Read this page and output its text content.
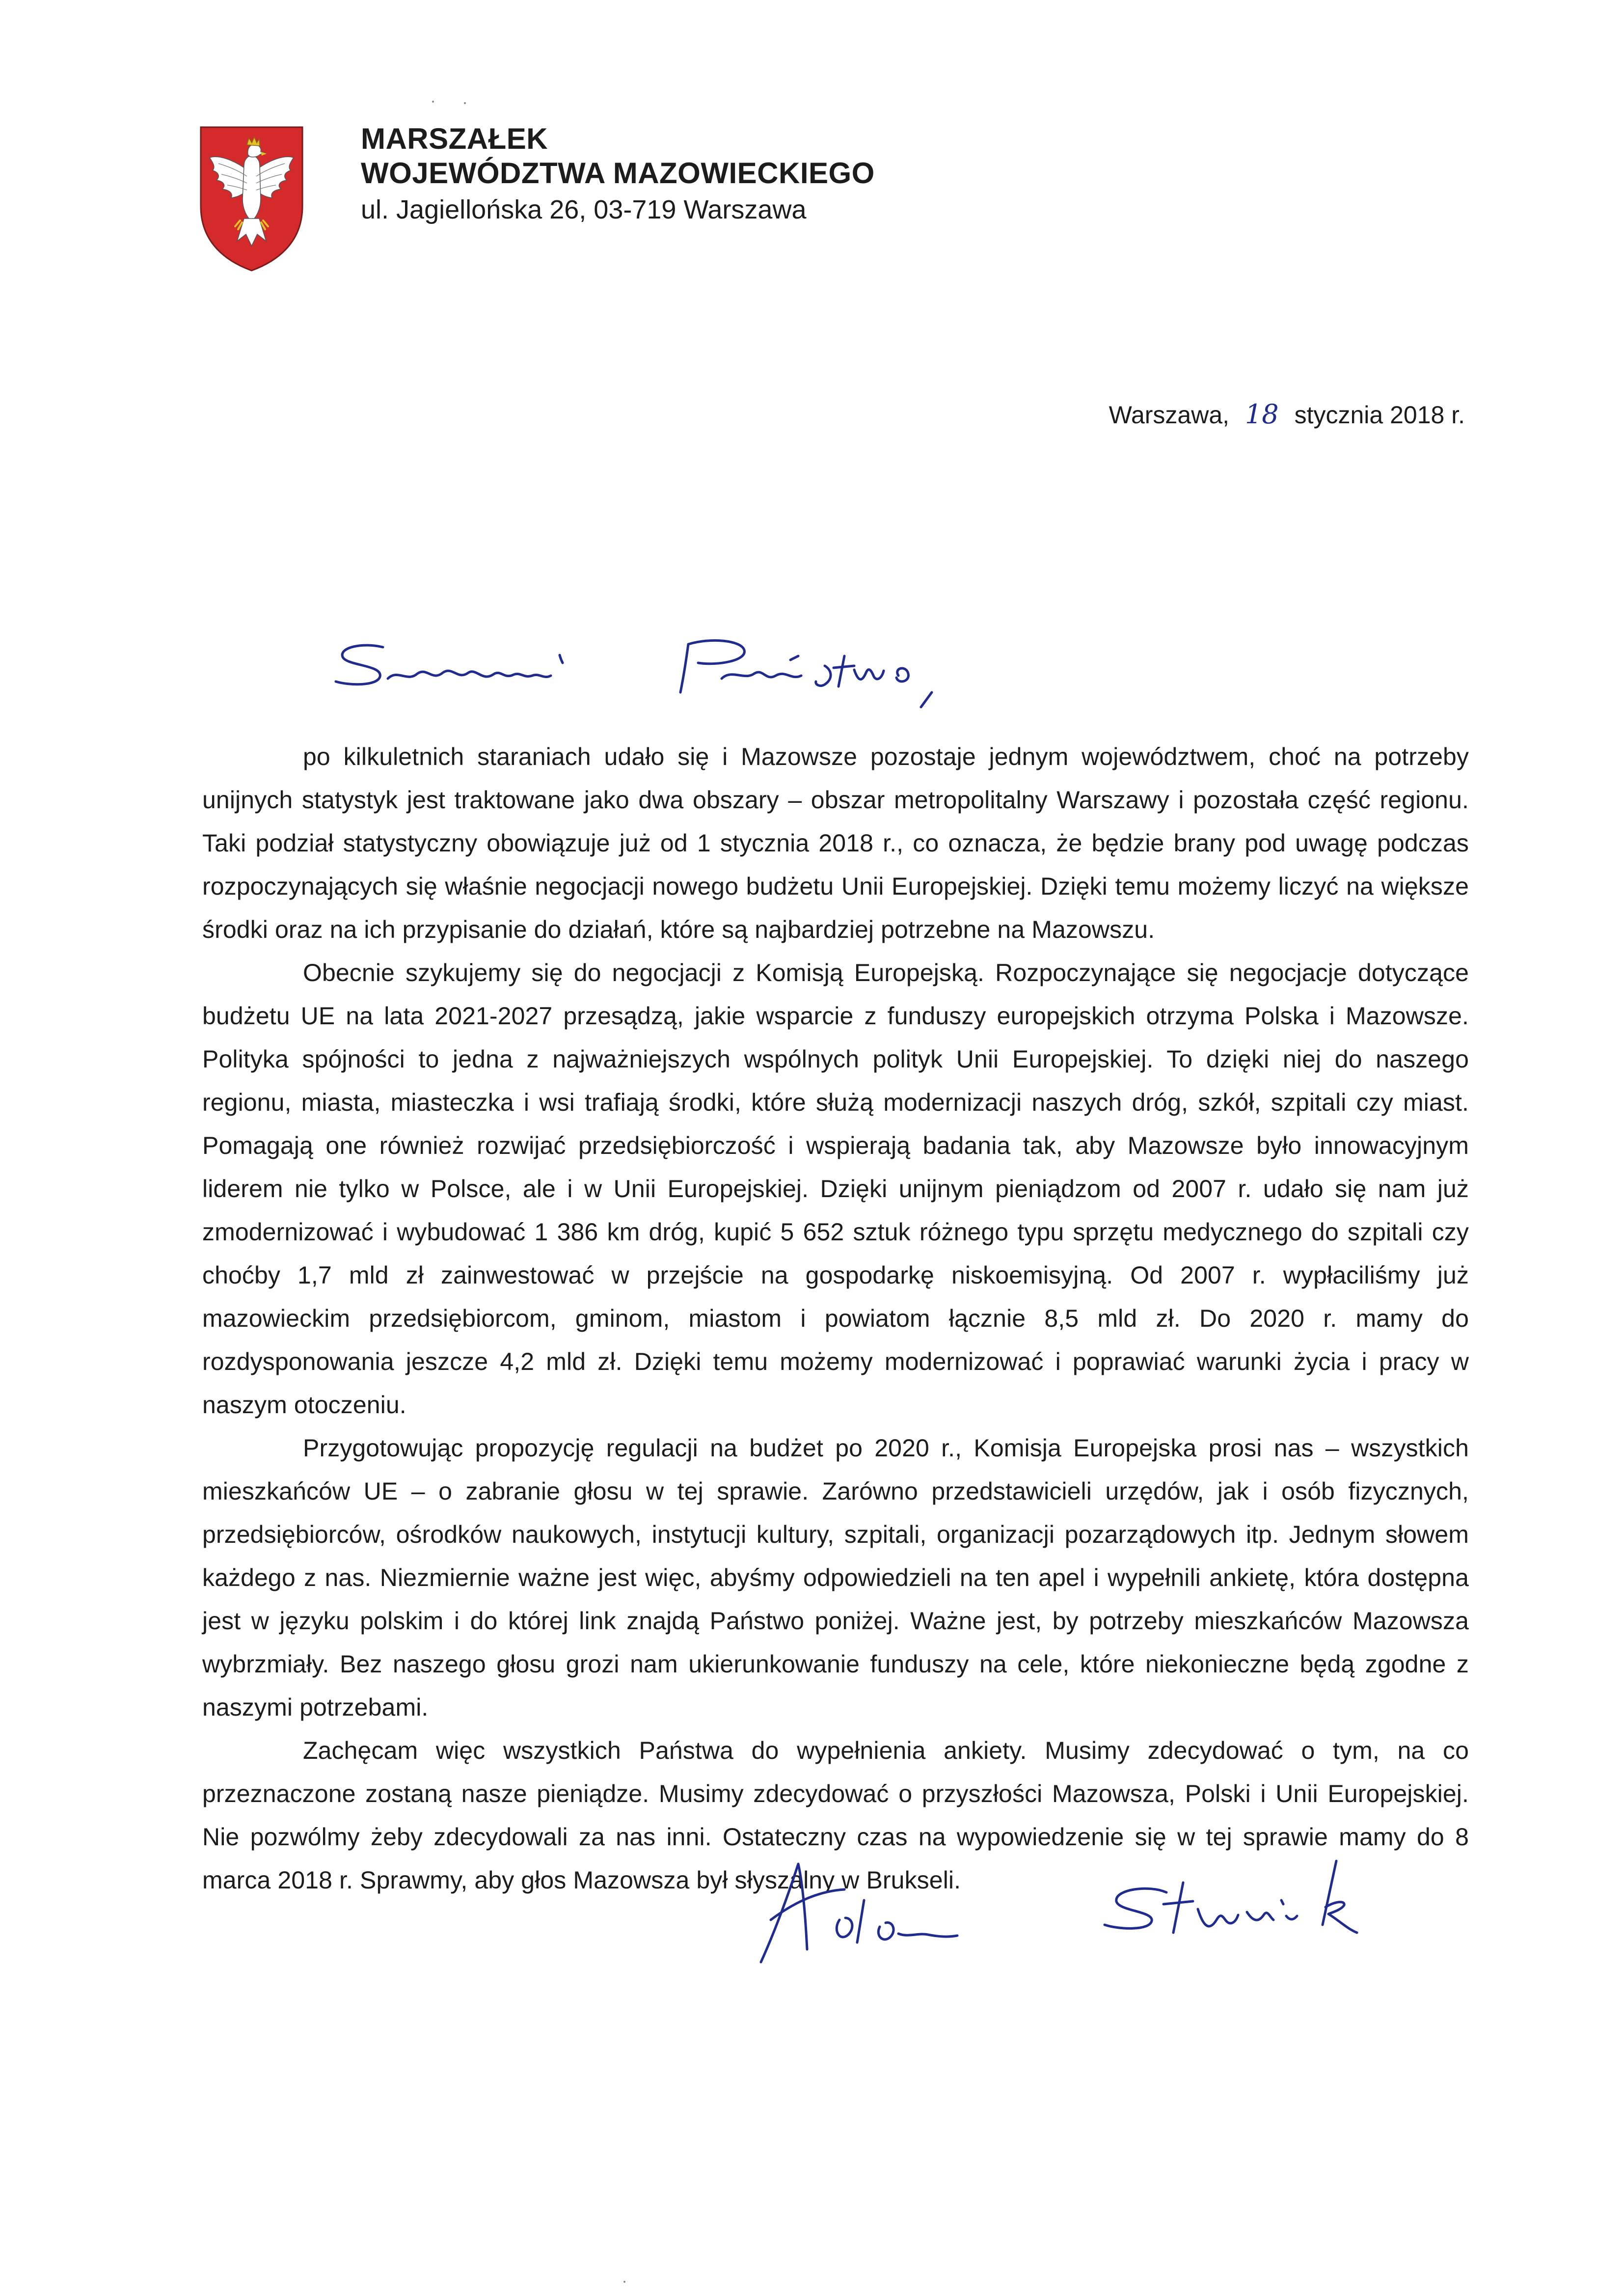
MARSZAŁEK
WOJEWÓDZTWA MAZOWIECKIEGO
ul. Jagiellońska 26, 03-719 Warszawa
Warszawa, 18 stycznia 2018 r.

po kilkuletnich staraniach udało się i Mazowsze pozostaje jednym województwem, choć na potrzeby unijnych statystyk jest traktowane jako dwa obszary – obszar metropolitalny Warszawy i pozostała część regionu. Taki podział statystyczny obowiązuje już od 1 stycznia 2018 r., co oznacza, że będzie brany pod uwagę podczas rozpoczynających się właśnie negocjacji nowego budżetu Unii Europejskiej. Dzięki temu możemy liczyć na większe środki oraz na ich przypisanie do działań, które są najbardziej potrzebne na Mazowszu.

Obecnie szykujemy się do negocjacji z Komisją Europejską. Rozpoczynające się negocjacje dotyczące budżetu UE na lata 2021-2027 przesądzą, jakie wsparcie z funduszy europejskich otrzyma Polska i Mazowsze. Polityka spójności to jedna z najważniejszych wspólnych polityk Unii Europejskiej. To dzięki niej do naszego regionu, miasta, miasteczka i wsi trafiają środki, które służą modernizacji naszych dróg, szkół, szpitali czy miast. Pomagają one również rozwijać przedsiębiorczość i wspierają badania tak, aby Mazowsze było innowacyjnym liderem nie tylko w Polsce, ale i w Unii Europejskiej. Dzięki unijnym pieniądzom od 2007 r. udało się nam już zmodernizować i wybudować 1 386 km dróg, kupić 5 652 sztuk różnego typu sprzętu medycznego do szpitali czy choćby 1,7 mld zł zainwestować w przejście na gospodarkę niskoemisyjną. Od 2007 r. wypłaciliśmy już mazowieckim przedsiębiorcom, gminom, miastom i powiatom łącznie 8,5 mld zł. Do 2020 r. mamy do rozdysponowania jeszcze 4,2 mld zł. Dzięki temu możemy modernizować i poprawiać warunki życia i pracy w naszym otoczeniu.

Przygotowując propozycję regulacji na budżet po 2020 r., Komisja Europejska prosi nas – wszystkich mieszkańców UE – o zabranie głosu w tej sprawie. Zarówno przedstawicieli urzędów, jak i osób fizycznych, przedsiębiorców, ośrodków naukowych, instytucji kultury, szpitali, organizacji pozarządowych itp. Jednym słowem każdego z nas. Niezmiernie ważne jest więc, abyśmy odpowiedzieli na ten apel i wypełnili ankietę, która dostępna jest w języku polskim i do której link znajdą Państwo poniżej. Ważne jest, by potrzeby mieszkańców Mazowsza wybrzmiały. Bez naszego głosu grozi nam ukierunkowanie funduszy na cele, które niekonieczne będą zgodne z naszymi potrzebami.

Zachęcam więc wszystkich Państwa do wypełnienia ankiety. Musimy zdecydować o tym, na co przeznaczone zostaną nasze pieniądze. Musimy zdecydować o przyszłości Mazowsza, Polski i Unii Europejskiej. Nie pozwólmy żeby zdecydowali za nas inni. Ostateczny czas na wypowiedzenie się w tej sprawie mamy do 8 marca 2018 r. Sprawmy, aby głos Mazowsza był słyszalny w Brukseli.
